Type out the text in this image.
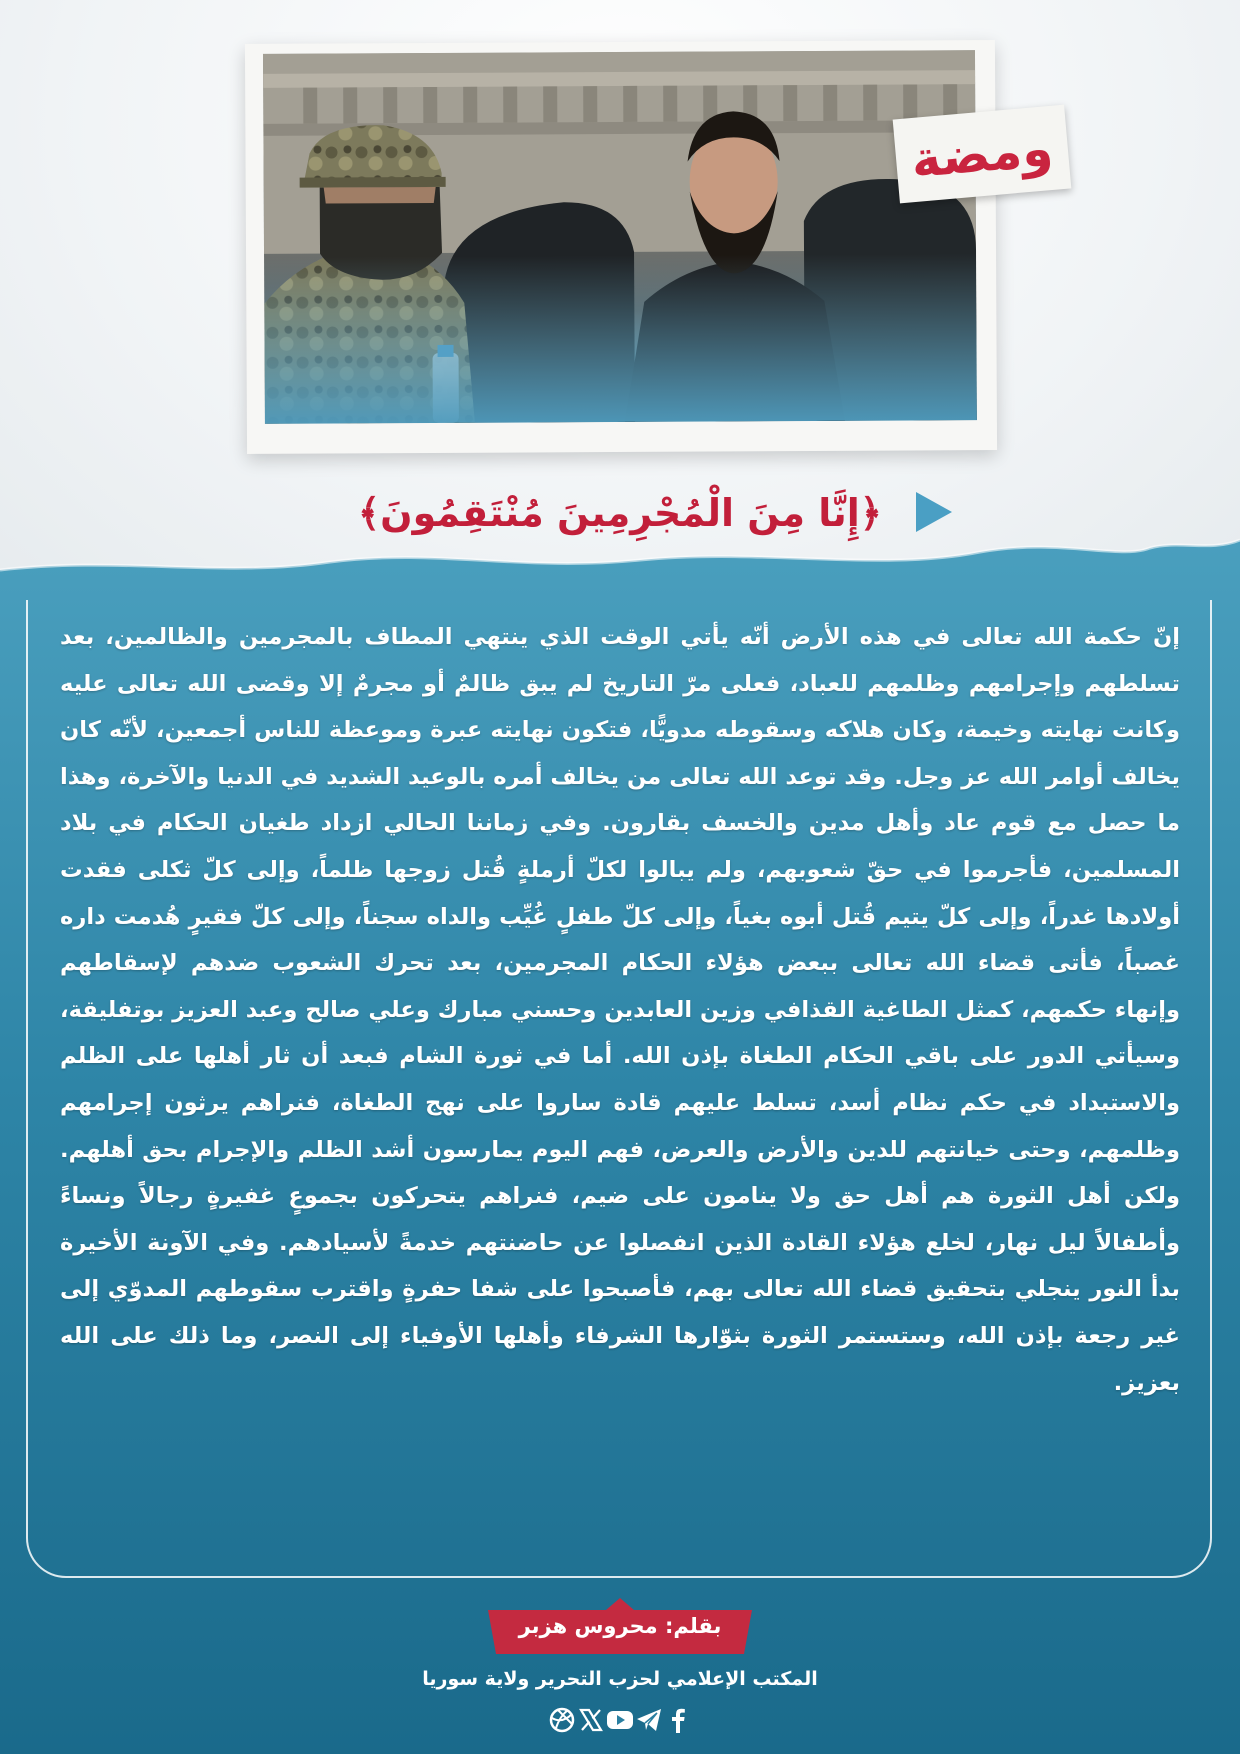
ومضة
﴿إِنَّا مِنَ الْمُجْرِمِينَ مُنْتَقِمُونَ﴾

إنّ حكمة الله تعالى في هذه الأرض أنّه يأتي الوقت الذي ينتهي المطاف بالمجرمين والظالمين، بعد تسلطهم وإجرامهم وظلمهم للعباد، فعلى مرّ التاريخ لم يبق ظالمٌ أو مجرمٌ إلا وقضى الله تعالى عليه وكانت نهايته وخيمة، وكان هلاكه وسقوطه مدويًّا، فتكون نهايته عبرة وموعظة للناس أجمعين، لأنّه كان يخالف أوامر الله عز وجل. وقد توعد الله تعالى من يخالف أمره بالوعيد الشديد في الدنيا والآخرة، وهذا ما حصل مع قوم عاد وأهل مدين والخسف بقارون. وفي زماننا الحالي ازداد طغيان الحكام في بلاد المسلمين، فأجرموا في حقّ شعوبهم، ولم يبالوا لكلّ أرملةٍ قُتل زوجها ظلماً، وإلى كلّ ثكلى فقدت أولادها غدراً، وإلى كلّ يتيم قُتل أبوه بغياً، وإلى كلّ طفلٍ غُيِّب والداه سجناً، وإلى كلّ فقيرٍ هُدمت داره غصباً، فأتى قضاء الله تعالى ببعض هؤلاء الحكام المجرمين، بعد تحرك الشعوب ضدهم لإسقاطهم وإنهاء حكمهم، كمثل الطاغية القذافي وزين العابدين وحسني مبارك وعلي صالح وعبد العزيز بوتفليقة، وسيأتي الدور على باقي الحكام الطغاة بإذن الله. أما في ثورة الشام فبعد أن ثار أهلها على الظلم والاستبداد في حكم نظام أسد، تسلط عليهم قادة ساروا على نهج الطغاة، فنراهم يرثون إجرامهم وظلمهم، وحتى خيانتهم للدين والأرض والعرض، فهم اليوم يمارسون أشد الظلم والإجرام بحق أهلهم. ولكن أهل الثورة هم أهل حق ولا ينامون على ضيم، فنراهم يتحركون بجموعٍ غفيرةٍ رجالاً ونساءً وأطفالاً ليل نهار، لخلع هؤلاء القادة الذين انفصلوا عن حاضنتهم خدمةً لأسيادهم. وفي الآونة الأخيرة بدأ النور ينجلي بتحقيق قضاء الله تعالى بهم، فأصبحوا على شفا حفرةٍ واقترب سقوطهم المدوّي إلى غير رجعة بإذن الله، وستستمر الثورة بثوّارها الشرفاء وأهلها الأوفياء إلى النصر، وما ذلك على الله بعزيز.

بقلم: محروس هزبر
المكتب الإعلامي لحزب التحرير ولاية سوريا
